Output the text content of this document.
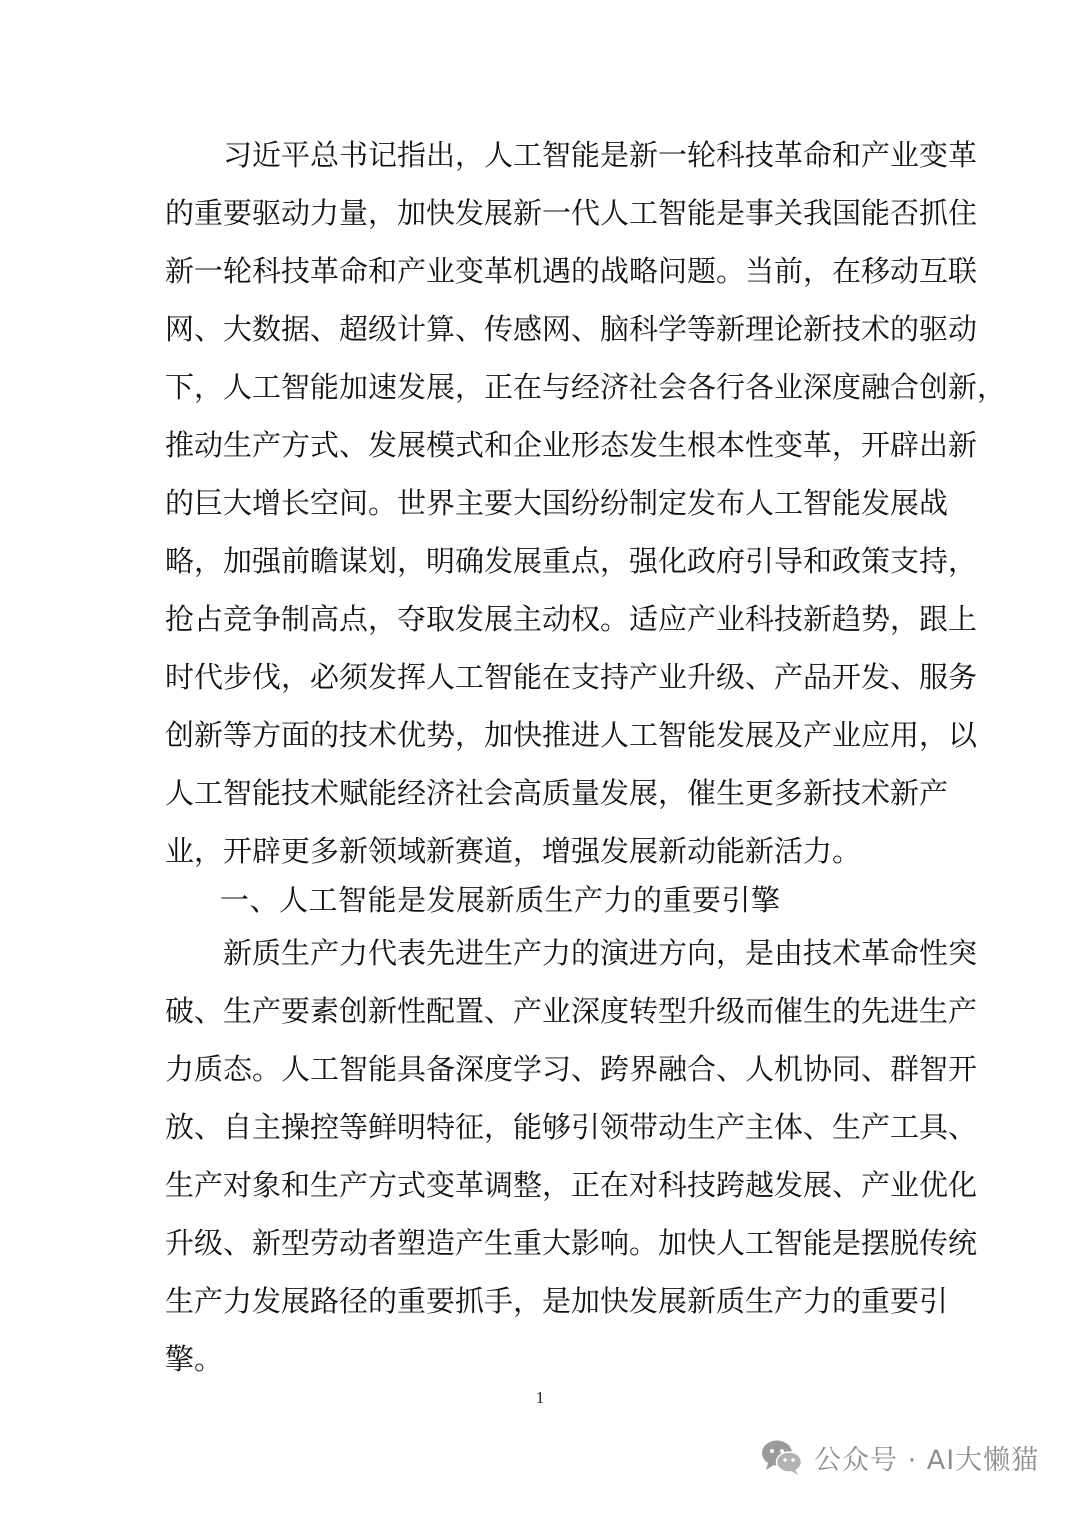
习近平总书记指出，人工智能是新一轮科技革命和产业变革
的重要驱动力量，加快发展新一代人工智能是事关我国能否抓住
新一轮科技革命和产业变革机遇的战略问题。当前，在移动互联
网、大数据、超级计算、传感网、脑科学等新理论新技术的驱动
下，人工智能加速发展，正在与经济社会各行各业深度融合创新，
推动生产方式、发展模式和企业形态发生根本性变革，开辟出新
的巨大增长空间。世界主要大国纷纷制定发布人工智能发展战
略，加强前瞻谋划，明确发展重点，强化政府引导和政策支持，
抢占竞争制高点，夺取发展主动权。适应产业科技新趋势，跟上
时代步伐，必须发挥人工智能在支持产业升级、产品开发、服务
创新等方面的技术优势，加快推进人工智能发展及产业应用，以
人工智能技术赋能经济社会高质量发展，催生更多新技术新产
业，开辟更多新领域新赛道，增强发展新动能新活力。
一、人工智能是发展新质生产力的重要引擎
新质生产力代表先进生产力的演进方向，是由技术革命性突
破、生产要素创新性配置、产业深度转型升级而催生的先进生产
力质态。人工智能具备深度学习、跨界融合、人机协同、群智开
放、自主操控等鲜明特征，能够引领带动生产主体、生产工具、
生产对象和生产方式变革调整，正在对科技跨越发展、产业优化
升级、新型劳动者塑造产生重大影响。加快人工智能是摆脱传统
生产力发展路径的重要抓手，是加快发展新质生产力的重要引
擎。
1
公众号 · AI大懒猫
